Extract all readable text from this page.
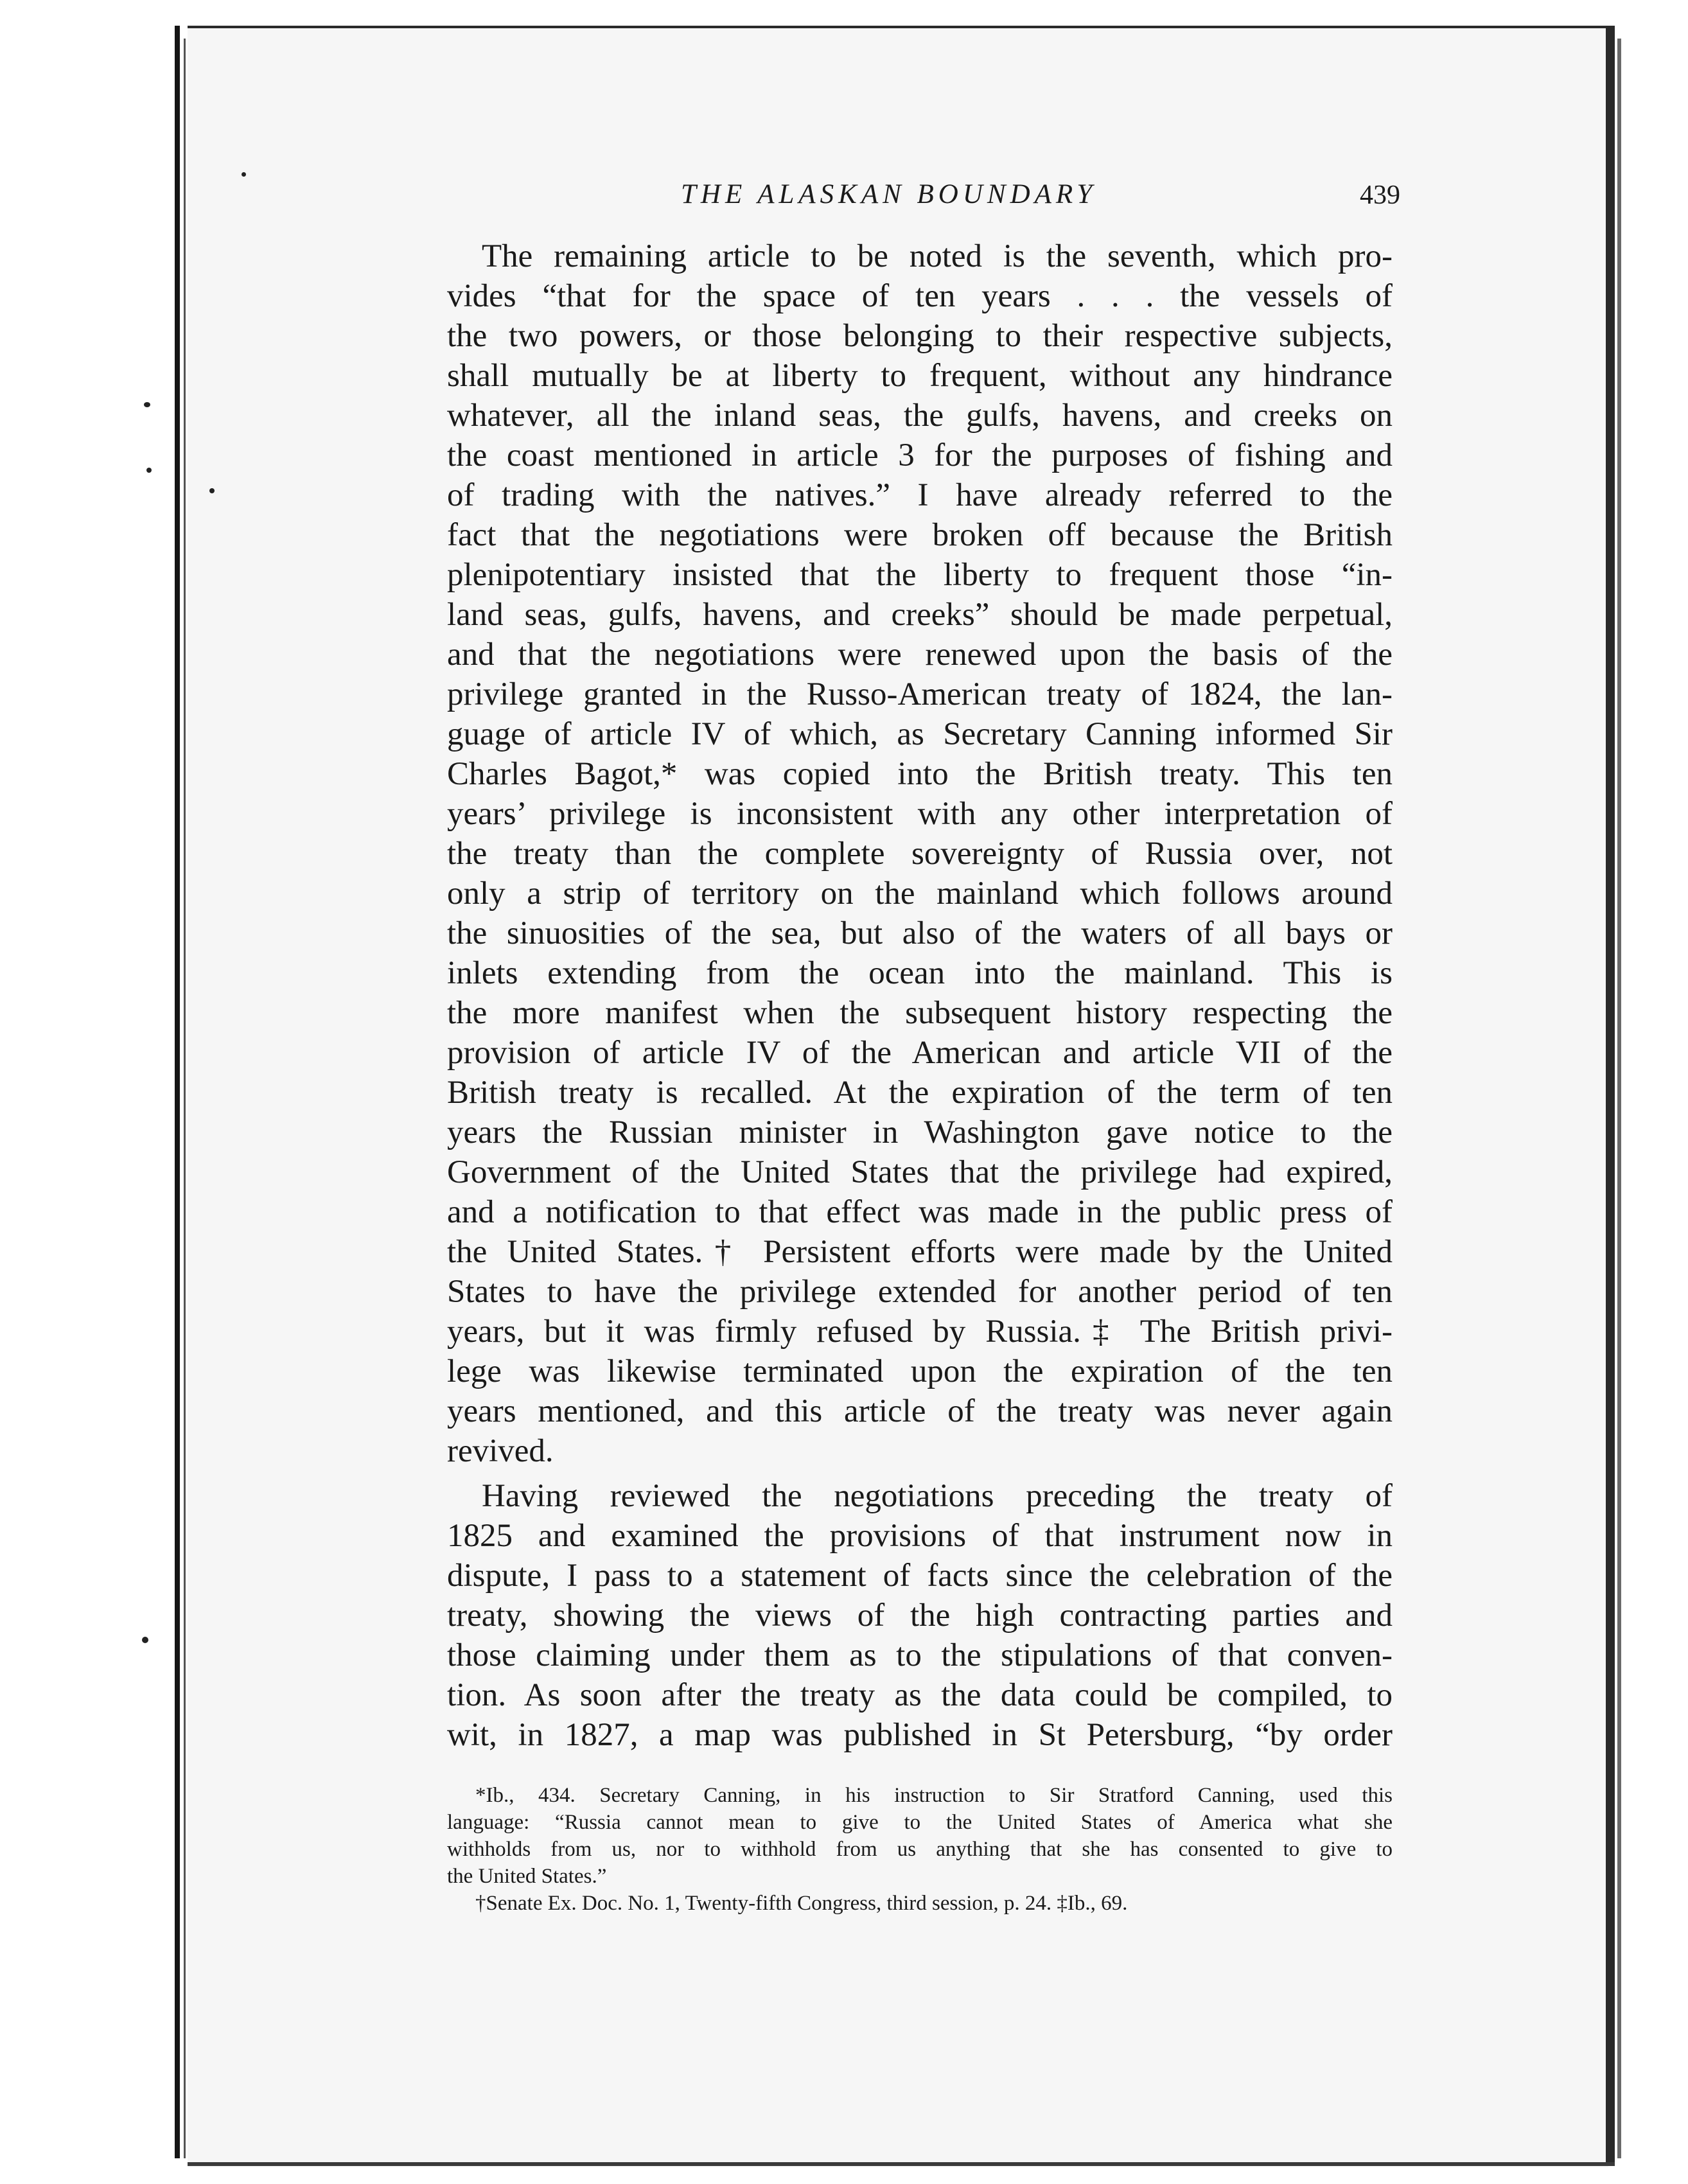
THE ALASKAN BOUNDARY	439
The remaining article to be noted is the seventh, which pro-
vides “that for the space of ten years . . . the vessels of
the two powers, or those belonging to their respective subjects,
shall mutually be at liberty to frequent, without any hindrance
whatever, all the inland seas, the gulfs, havens, and creeks on
the coast mentioned in article 3 for the purposes of fishing and
of trading with the natives.” I have already referred to the
fact that the negotiations were broken off because the British
plenipotentiary insisted that the liberty to frequent those “in-
land seas, gulfs, havens, and creeks” should be made perpetual,
and that the negotiations were renewed upon the basis of the
privilege granted in the Russo-American treaty of 1824, the lan-
guage of article IV of which, as Secretary Canning informed Sir
Charles Bagot,* was copied into the British treaty. This ten
years’ privilege is inconsistent with any other interpretation of
the treaty than the complete sovereignty of Russia over, not
only a strip of territory on the mainland which follows around
the sinuosities of the sea, but also of the waters of all bays or
inlets extending from the ocean into the mainland. This is
the more manifest when the subsequent history respecting the
provision of article IV of the American and article VII of the
British treaty is recalled. At the expiration of the term of ten
years the Russian minister in Washington gave notice to the
Government of the United States that the privilege had expired,
and a notification to that effect was made in the public press of
the United States.† Persistent efforts were made by the United
States to have the privilege extended for another period of ten
years, but it was firmly refused by Russia.‡ The British privi-
lege was likewise terminated upon the expiration of the ten
years mentioned, and this article of the treaty was never again
revived.
Having reviewed the negotiations preceding the treaty of
1825 and examined the provisions of that instrument now in
dispute, I pass to a statement of facts since the celebration of the
treaty, showing the views of the high contracting parties and
those claiming under them as to the stipulations of that conven-
tion. As soon after the treaty as the data could be compiled, to
wit, in 1827, a map was published in St Petersburg, “by order
*Ib., 434. Secretary Canning, in his instruction to Sir Stratford Canning, used this
language: “Russia cannot mean to give to the United States of America what she
withholds from us, nor to withhold from us anything that she has consented to give to
the United States.”
†Senate Ex. Doc. No. 1, Twenty-fifth Congress, third session, p. 24. ‡Ib., 69.
